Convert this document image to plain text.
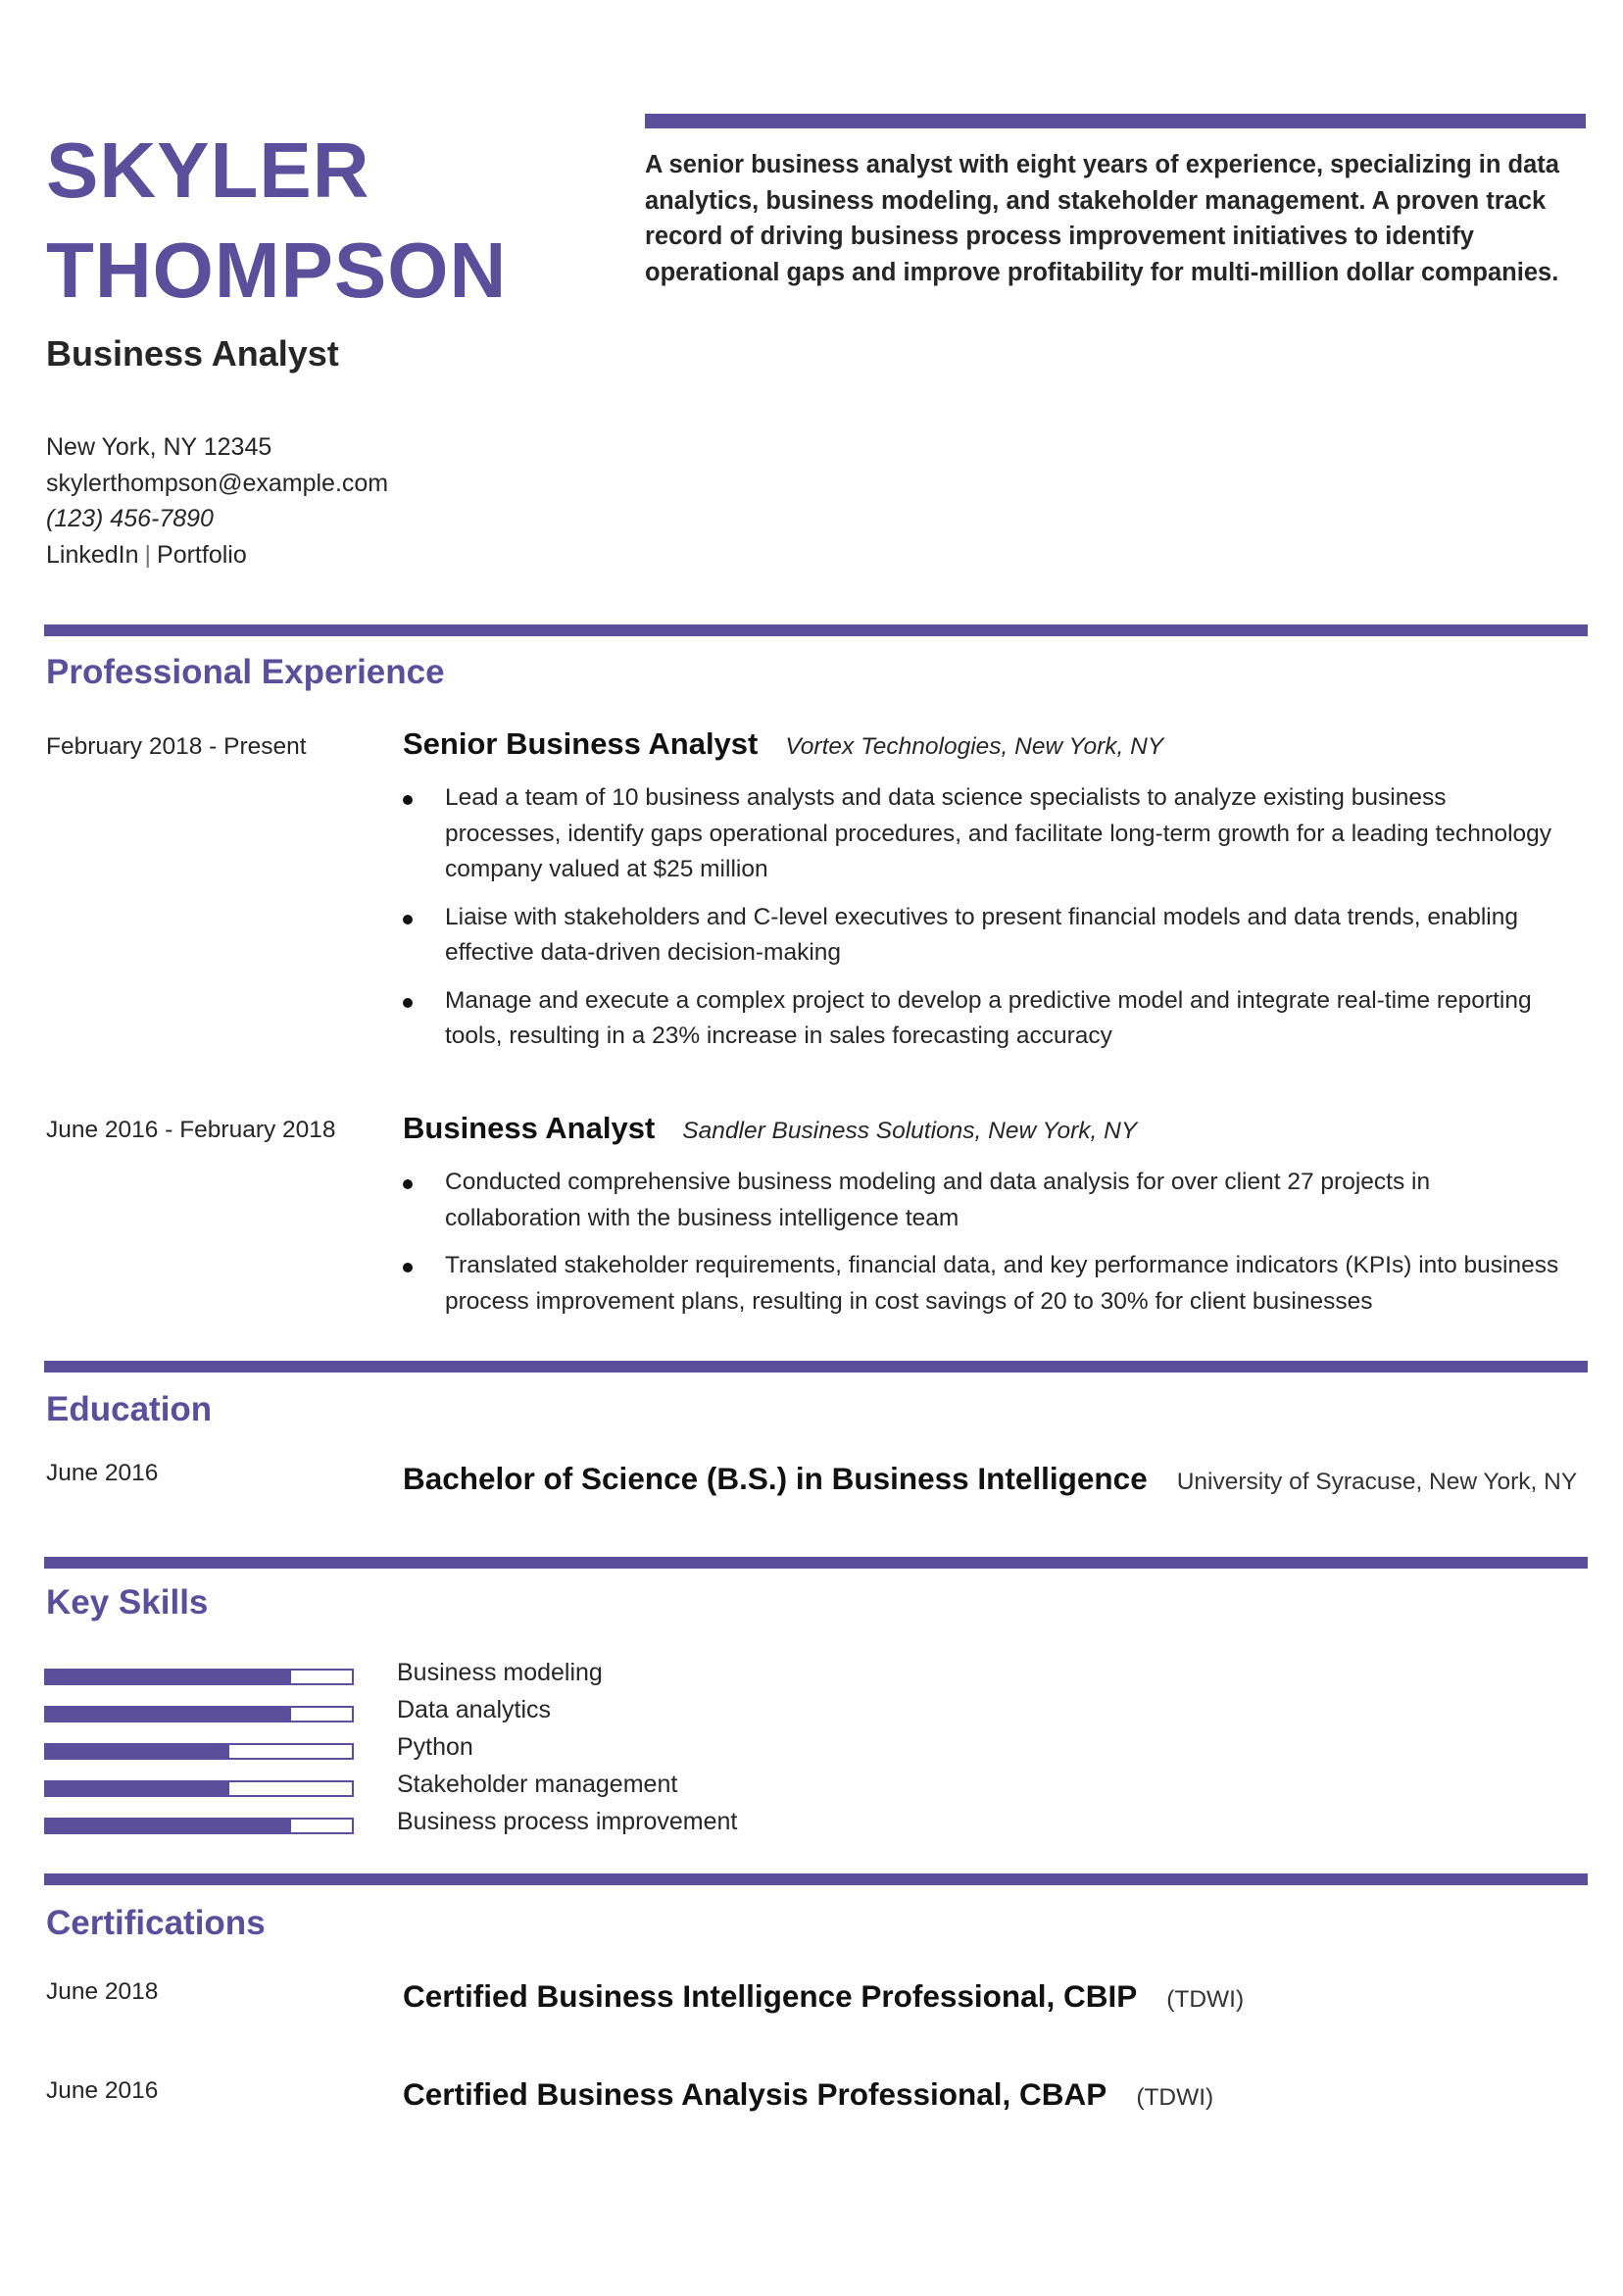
SKYLER
THOMPSON
Business Analyst
New York, NY 12345
skylerthompson@example.com
(123) 456-7890
LinkedIn | Portfolio
A senior business analyst with eight years of experience, specializing in data analytics, business modeling, and stakeholder management. A proven track record of driving business process improvement initiatives to identify operational gaps and improve profitability for multi-million dollar companies.
Professional Experience
February 2018 - Present	Senior Business Analyst Vortex Technologies, New York, NY
Lead a team of 10 business analysts and data science specialists to analyze existing business processes, identify gaps operational procedures, and facilitate long-term growth for a leading technology company valued at $25 million
Liaise with stakeholders and C-level executives to present financial models and data trends, enabling effective data-driven decision-making
Manage and execute a complex project to develop a predictive model and integrate real-time reporting tools, resulting in a 23% increase in sales forecasting accuracy
June 2016 - February 2018 Business Analyst Sandler Business Solutions, New York, NY
Conducted comprehensive business modeling and data analysis for over client 27 projects in collaboration with the business intelligence team
Translated stakeholder requirements, financial data, and key performance indicators (KPIs) into business process improvement plans, resulting in cost savings of 20 to 30% for client businesses
Education
June 2016	Bachelor of Science (B.S.) in Business Intelligence University of Syracuse, New York, NY
Key Skills
Business modeling
Data analytics
Python
Stakeholder management
Business process improvement
Certifications
June 2018	Certified Business Intelligence Professional, CBIP (TDWI)
June 2016	Certified Business Analysis Professional, CBAP (TDWI)
